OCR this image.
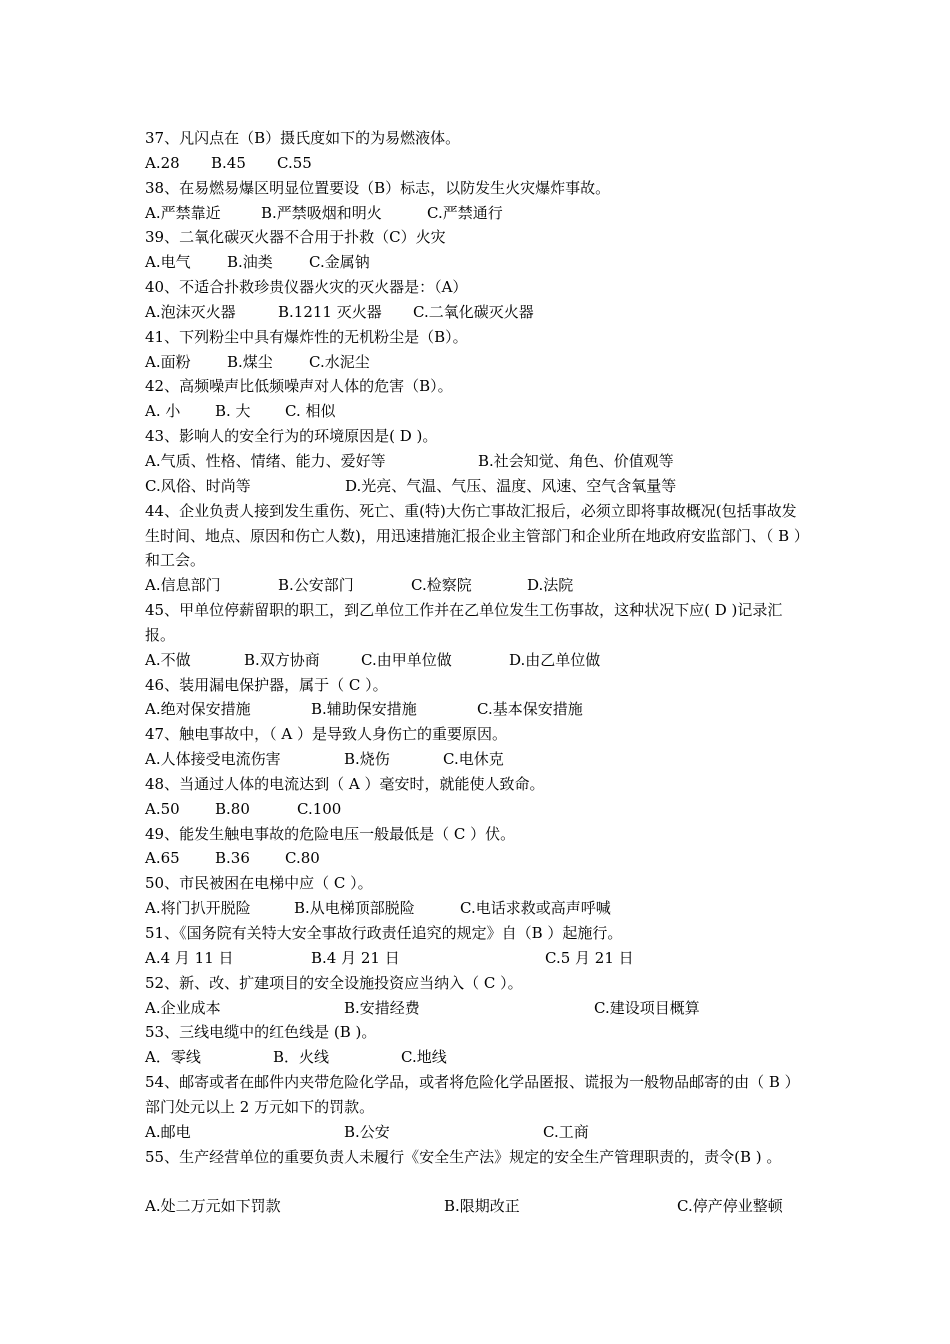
37、凡闪点在（B）摄氏度如下的为易燃液体。
A.28 B.45 C.55
38、在易燃易爆区明显位置要设（B）标志，以防发生火灾爆炸事故。
A.严禁靠近	B.严禁吸烟和明火	C.严禁通行
39、二氧化碳灭火器不合用于扑救（C）火灾
A.电气 B.油类 C.金属钠
40、不适合扑救珍贵仪器火灾的灭火器是：（A）
A.泡沫灭火器	B.1211 灭火器 C.二氧化碳灭火器
41、下列粉尘中具有爆炸性的无机粉尘是（B）。
A.面粉 B.煤尘 C.水泥尘
42、高频噪声比低频噪声对人体的危害（B）。
A. 小 B. 大 C. 相似
43、影响人的安全行为的环境原因是( D )。
A.气质、性格、情绪、能力、爱好等	B.社会知觉、角色、价值观等
C.风俗、时尚等	D.光亮、气温、气压、温度、风速、空气含氧量等
44、企业负责人接到发生重伤、死亡、重(特)大伤亡事故汇报后，必须立即将事故概况(包括事故发生时间、地点、原因和伤亡人数)，用迅速措施汇报企业主管部门和企业所在地政府安监部门、（ B ）和工会。
A.信息部门	B.公安部门	C.检察院	D.法院
45、甲单位停薪留职的职工，到乙单位工作并在乙单位发生工伤事故，这种状况下应( D )记录汇报。
A.不做	B.双方协商	C.由甲单位做	D.由乙单位做
46、装用漏电保护器，属于（ C ）。
A.绝对保安措施	B.辅助保安措施	C.基本保安措施
47、触电事故中，（ A ）是导致人身伤亡的重要原因。
A.人体接受电流伤害	B.烧伤	C.电休克
48、当通过人体的电流达到（ A ）毫安时，就能使人致命。
A.50 B.80	C.100
49、能发生触电事故的危险电压一般最低是（ C ）伏。
A.65 B.36 C.80
50、市民被困在电梯中应（ C ）。
A.将门扒开脱险	B.从电梯顶部脱险	C.电话求救或高声呼喊
51、《国务院有关特大安全事故行政责任追究的规定》自（B ）起施行。
A.4 月 11 日	B.4 月 21 日	C.5 月 21 日
52、新、改、扩建项目的安全设施投资应当纳入（ C ）。
A.企业成本	B.安措经费	C.建设项目概算
53、三线电缆中的红色线是 (B )。
A．零线	B．火线	C.地线
54、邮寄或者在邮件内夹带危险化学品，或者将危险化学品匿报、谎报为一般物品邮寄的由（ B ）部门处元以上 2 万元如下的罚款。
A.邮电	B.公安	C.工商
55、生产经营单位的重要负责人未履行《安全生产法》规定的安全生产管理职责的，责令(B ) 。
A.处二万元如下罚款	B.限期改正	C.停产停业整顿
